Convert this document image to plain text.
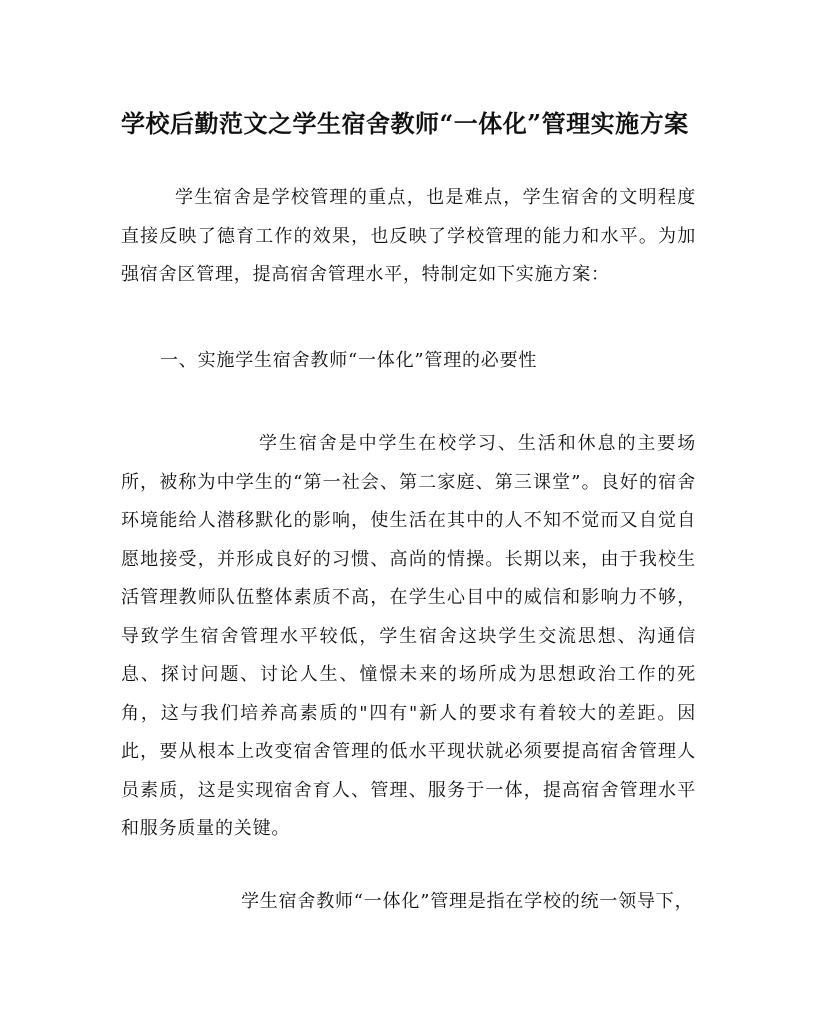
学校后勤范文之学生宿舍教师“一体化”管理实施方案
学生宿舍是学校管理的重点，也是难点，学生宿舍的文明程度直接反映了德育工作的效果，也反映了学校管理的能力和水平。为加强宿舍区管理，提高宿舍管理水平，特制定如下实施方案：
一、实施学生宿舍教师“一体化”管理的必要性
学生宿舍是中学生在校学习、生活和休息的主要场所，被称为中学生的“第一社会、第二家庭、第三课堂”。良好的宿舍环境能给人潜移默化的影响，使生活在其中的人不知不觉而又自觉自愿地接受，并形成良好的习惯、高尚的情操。长期以来，由于我校生活管理教师队伍整体素质不高，在学生心目中的威信和影响力不够，导致学生宿舍管理水平较低，学生宿舍这块学生交流思想、沟通信息、探讨问题、讨论人生、憧憬未来的场所成为思想政治工作的死角，这与我们培养高素质的"四有"新人的要求有着较大的差距。因此，要从根本上改变宿舍管理的低水平现状就必须要提高宿舍管理人员素质，这是实现宿舍育人、管理、服务于一体，提高宿舍管理水平和服务质量的关键。
学生宿舍教师“一体化”管理是指在学校的统一领导下，
